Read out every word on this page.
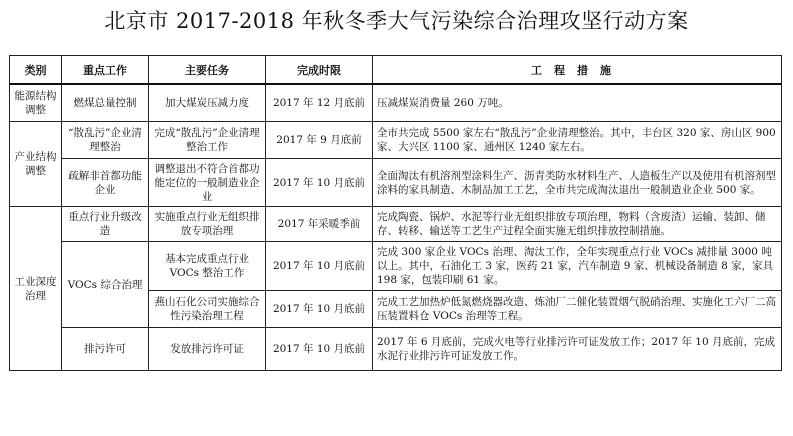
北京市 2017-2018 年秋冬季大气污染综合治理攻坚行动方案
类别	重点工作	主要任务	完成时限	工程措施
能源结构调整	燃煤总量控制	加大煤炭压减力度	2017 年 12 月底前	压减煤炭消费量 260 万吨。
产业结构调整	“散乱污”企业清理整治	完成“散乱污”企业清理整治工作	2017 年 9 月底前	全市共完成 5500 家左右“散乱污”企业清理整治。其中，丰台区 320 家、房山区 900 家、大兴区 1100 家、通州区 1240 家左右。
	疏解非首都功能企业	调整退出不符合首都功能定位的一般制造业企业	2017 年 10 月底前	全面淘汰有机溶剂型涂料生产、沥青类防水材料生产、人造板生产以及使用有机溶剂型涂料的家具制造、木制品加工工艺，全市共完成淘汰退出一般制造业企业 500 家。
工业深度治理	重点行业升级改造	实施重点行业无组织排放专项治理	2017 年采暖季前	完成陶瓷、锅炉、水泥等行业无组织排放专项治理，物料（含废渣）运输、装卸、储存、转移、输送等工艺生产过程全面实施无组织排放控制措施。
	VOCs 综合治理	基本完成重点行业 VOCs 整治工作	2017 年 10 月底前	完成 300 家企业 VOCs 治理、淘汰工作，全年实现重点行业 VOCs 减排量 3000 吨以上。其中，石油化工 3 家，医药 21 家，汽车制造 9 家、机械设备制造 8 家，家具 198 家，包装印刷 61 家。
		燕山石化公司实施综合性污染治理工程	2017 年 10 月底前	完成工艺加热炉低氮燃烧器改造、炼油厂二催化装置烟气脱硝治理、实施化工六厂二高压装置料仓 VOCs 治理等工程。
	排污许可	发放排污许可证	2017 年 10 月底前	2017 年 6 月底前，完成火电等行业排污许可证发放工作；2017 年 10 月底前，完成水泥行业排污许可证发放工作。
